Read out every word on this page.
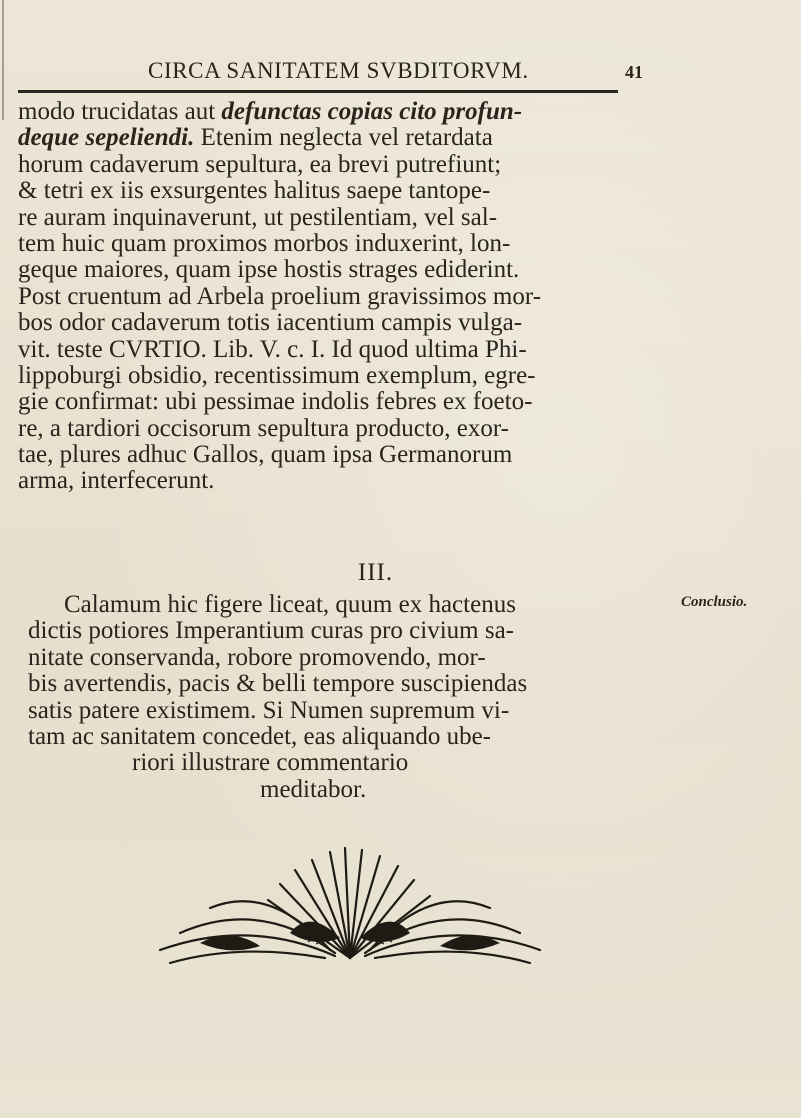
CIRCA SANITATEM SVBDITORVM.	41
modo trucidatas aut defunctas copias cito profun-
deque sepeliendi. Etenim neglecta vel retardata
horum cadaverum sepultura, ea brevi putrefiunt;
& tetri ex iis exsurgentes halitus saepe tantope-
re auram inquinaverunt, ut pestilentiam, vel sal-
tem huic quam proximos morbos induxerint, lon-
geque maiores, quam ipse hostis strages ediderint.
Post cruentum ad Arbela proelium gravissimos mor-
bos odor cadaverum totis iacentium campis vulga-
vit. teste CVRTIO. Lib. V. c. I. Id quod ultima Phi-
lippoburgi obsidio, recentissimum exemplum, egre-
gie confirmat: ubi pessimae indolis febres ex foeto-
re, a tardiori occisorum sepultura producto, exor-
tae, plures adhuc Gallos, quam ipsa Germanorum
arma, interfecerunt.
III.
Conclusio.
Calamum hic figere liceat, quum ex hactenus
dictis potiores Imperantium curas pro civium sa-
nitate conservanda, robore promovendo, mor-
bis avertendis, pacis & belli tempore suscipiendas
satis patere existimem. Si Numen supremum vi-
tam ac sanitatem concedet, eas aliquando ube-
riori illustrare commentario
meditabor.
